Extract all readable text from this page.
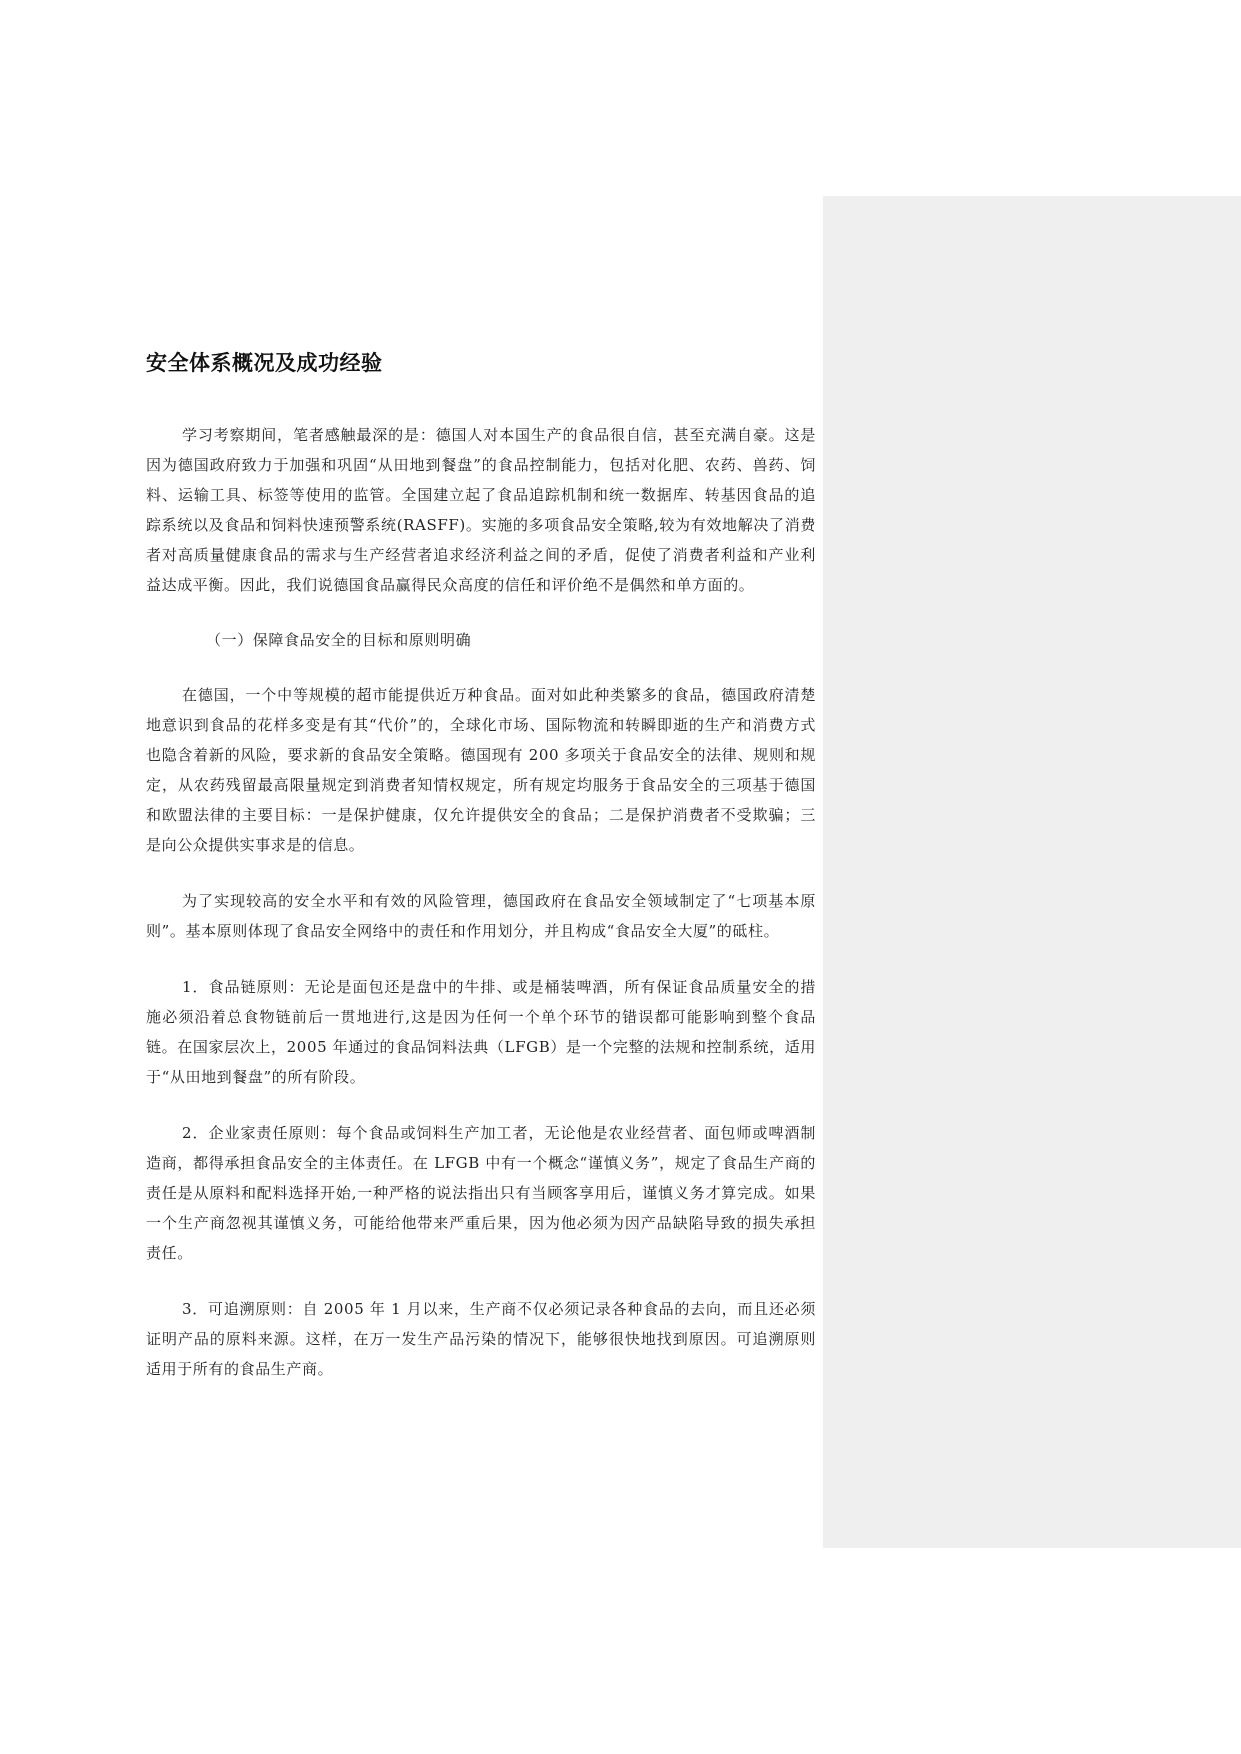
安全体系概况及成功经验

学习考察期间，笔者感触最深的是：德国人对本国生产的食品很自信，甚至充满自豪。这是因为德国政府致力于加强和巩固“从田地到餐盘”的食品控制能力，包括对化肥、农药、兽药、饲料、运输工具、标签等使用的监管。全国建立起了食品追踪机制和统一数据库、转基因食品的追踪系统以及食品和饲料快速预警系统(RASFF)。实施的多项食品安全策略,较为有效地解决了消费者对高质量健康食品的需求与生产经营者追求经济利益之间的矛盾，促使了消费者利益和产业利益达成平衡。因此，我们说德国食品赢得民众高度的信任和评价绝不是偶然和单方面的。

（一）保障食品安全的目标和原则明确

在德国，一个中等规模的超市能提供近万种食品。面对如此种类繁多的食品，德国政府清楚地意识到食品的花样多变是有其“代价”的，全球化市场、国际物流和转瞬即逝的生产和消费方式也隐含着新的风险，要求新的食品安全策略。德国现有 200 多项关于食品安全的法律、规则和规定，从农药残留最高限量规定到消费者知情权规定，所有规定均服务于食品安全的三项基于德国和欧盟法律的主要目标：一是保护健康，仅允许提供安全的食品；二是保护消费者不受欺骗；三是向公众提供实事求是的信息。

为了实现较高的安全水平和有效的风险管理，德国政府在食品安全领域制定了“七项基本原则”。基本原则体现了食品安全网络中的责任和作用划分，并且构成“食品安全大厦”的砥柱。

1．食品链原则：无论是面包还是盘中的牛排、或是桶装啤酒，所有保证食品质量安全的措施必须沿着总食物链前后一贯地进行,这是因为任何一个单个环节的错误都可能影响到整个食品链。在国家层次上，2005 年通过的食品饲料法典（LFGB）是一个完整的法规和控制系统，适用于“从田地到餐盘”的所有阶段。

2．企业家责任原则：每个食品或饲料生产加工者，无论他是农业经营者、面包师或啤酒制造商，都得承担食品安全的主体责任。在 LFGB 中有一个概念“谨慎义务”，规定了食品生产商的责任是从原料和配料选择开始,一种严格的说法指出只有当顾客享用后，谨慎义务才算完成。如果一个生产商忽视其谨慎义务，可能给他带来严重后果，因为他必须为因产品缺陷导致的损失承担责任。

3．可追溯原则：自 2005 年 1 月以来，生产商不仅必须记录各种食品的去向，而且还必须证明产品的原料来源。这样，在万一发生产品污染的情况下，能够很快地找到原因。可追溯原则适用于所有的食品生产商。
